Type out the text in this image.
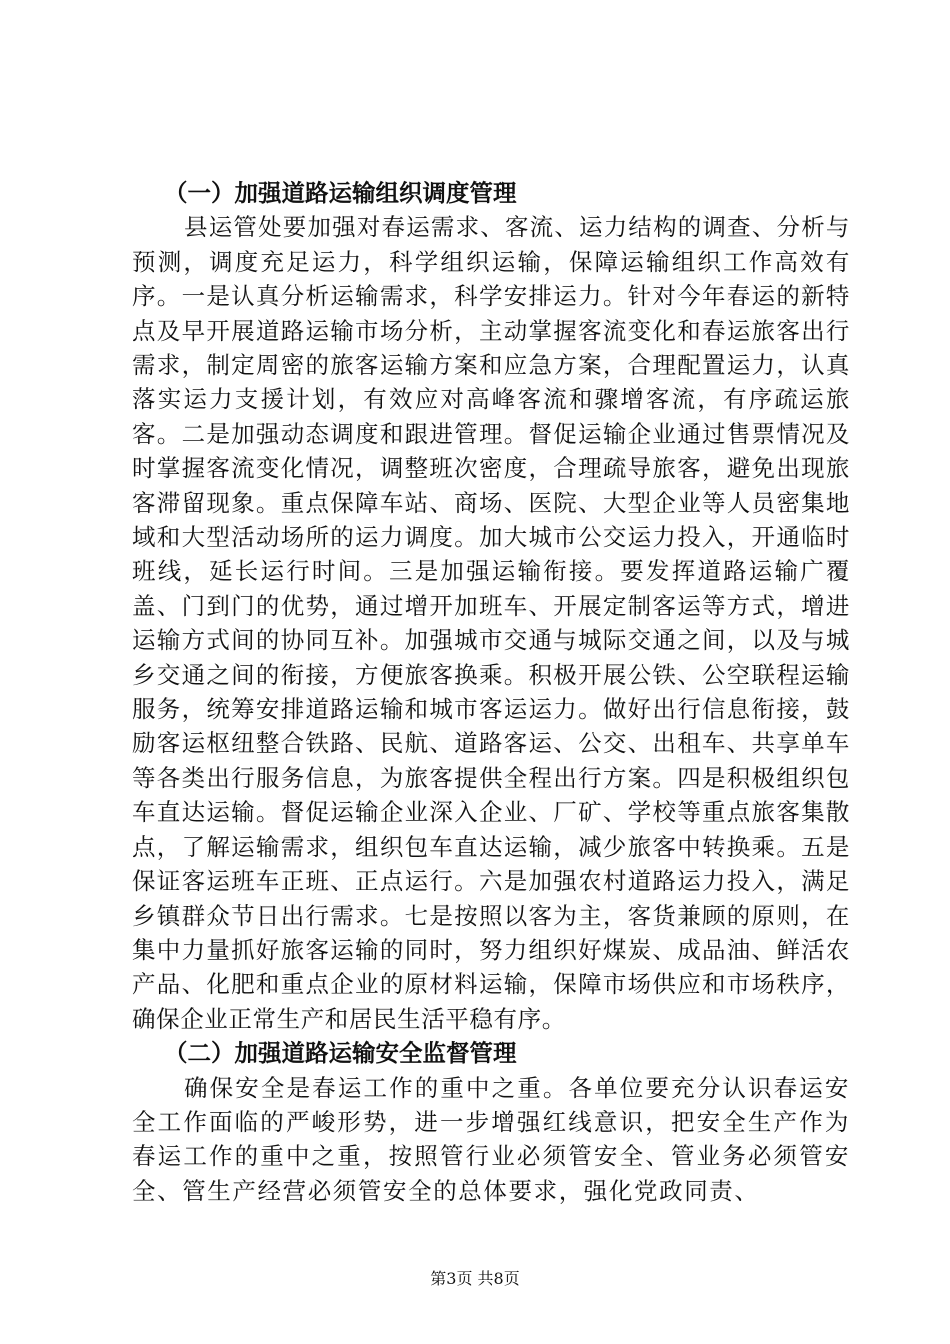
（一）加强道路运输组织调度管理
县运管处要加强对春运需求、客流、运力结构的调查、分析与预测，调度充足运力，科学组织运输，保障运输组织工作高效有序。一是认真分析运输需求，科学安排运力。针对今年春运的新特点及早开展道路运输市场分析，主动掌握客流变化和春运旅客出行需求，制定周密的旅客运输方案和应急方案，合理配置运力，认真落实运力支援计划，有效应对高峰客流和骤增客流，有序疏运旅客。二是加强动态调度和跟进管理。督促运输企业通过售票情况及时掌握客流变化情况，调整班次密度，合理疏导旅客，避免出现旅客滞留现象。重点保障车站、商场、医院、大型企业等人员密集地域和大型活动场所的运力调度。加大城市公交运力投入，开通临时班线，延长运行时间。三是加强运输衔接。要发挥道路运输广覆盖、门到门的优势，通过增开加班车、开展定制客运等方式，增进运输方式间的协同互补。加强城市交通与城际交通之间，以及与城乡交通之间的衔接，方便旅客换乘。积极开展公铁、公空联程运输服务，统筹安排道路运输和城市客运运力。做好出行信息衔接，鼓励客运枢纽整合铁路、民航、道路客运、公交、出租车、共享单车等各类出行服务信息，为旅客提供全程出行方案。四是积极组织包车直达运输。督促运输企业深入企业、厂矿、学校等重点旅客集散点，了解运输需求，组织包车直达运输，减少旅客中转换乘。五是保证客运班车正班、正点运行。六是加强农村道路运力投入，满足乡镇群众节日出行需求。七是按照以客为主，客货兼顾的原则，在集中力量抓好旅客运输的同时，努力组织好煤炭、成品油、鲜活农产品、化肥和重点企业的原材料运输，保障市场供应和市场秩序，确保企业正常生产和居民生活平稳有序。
（二）加强道路运输安全监督管理
确保安全是春运工作的重中之重。各单位要充分认识春运安全工作面临的严峻形势，进一步增强红线意识，把安全生产作为春运工作的重中之重，按照管行业必须管安全、管业务必须管安全、管生产经营必须管安全的总体要求，强化党政同责、
第3页 共8页
